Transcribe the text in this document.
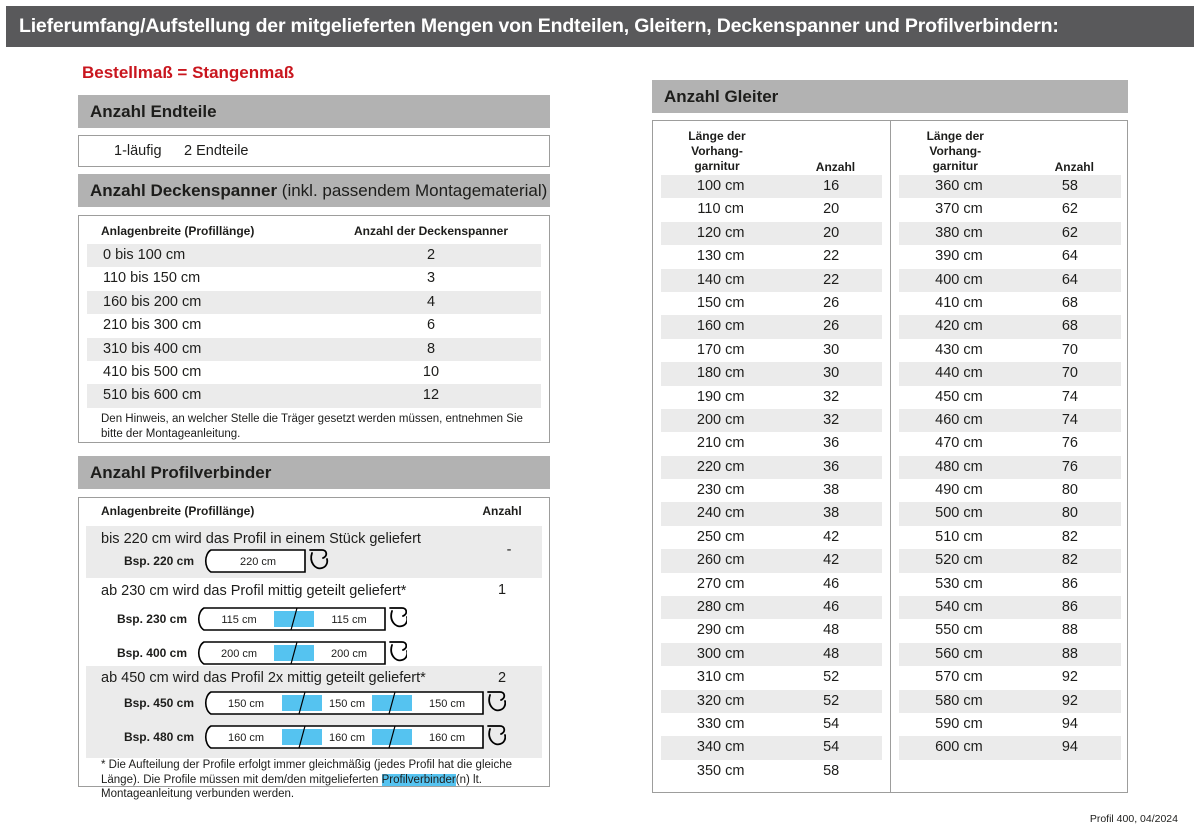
Lieferumfang/Aufstellung der mitgelieferten Mengen von Endteilen, Gleitern, Deckenspanner und Profilverbindern:
Bestellmaß = Stangenmaß
Anzahl Endteile
1-läufig 2 Endteile
Anzahl Deckenspanner (inkl. passendem Montagematerial)
Anlagenbreite (Profillänge)	Anzahl der Deckenspanner
0 bis 100 cm	2
110 bis 150 cm	3
160 bis 200 cm	4
210 bis 300 cm	6
310 bis 400 cm	8
410 bis 500 cm	10
510 bis 600 cm	12
Den Hinweis, an welcher Stelle die Träger gesetzt werden müssen, entnehmen Sie bitte der Montageanleitung.
Anzahl Profilverbinder
Anlagenbreite (Profillänge)	Anzahl
bis 220 cm wird das Profil in einem Stück geliefert
-
Bsp. 220 cm	220 cm
ab 230 cm wird das Profil mittig geteilt geliefert*	1
Bsp. 230 cm	115 cm	115 cm
Bsp. 400 cm	200 cm	200 cm
ab 450 cm wird das Profil 2x mittig geteilt geliefert*	2
Bsp. 450 cm	150 cm	150 cm	150 cm
Bsp. 480 cm	160 cm	160 cm	160 cm
* Die Aufteilung der Profile erfolgt immer gleichmäßig (jedes Profil hat die gleiche Länge). Die Profile müssen mit dem/den mitgelieferten Profilverbinder(n) lt. Montageanleitung verbunden werden.
Anzahl Gleiter
Länge der
Vorhang-
garnitur	Anzahl
100 cm	16
110 cm	20
120 cm	20
130 cm	22
140 cm	22
150 cm	26
160 cm	26
170 cm	30
180 cm	30
190 cm	32
200 cm	32
210 cm	36
220 cm	36
230 cm	38
240 cm	38
250 cm	42
260 cm	42
270 cm	46
280 cm	46
290 cm	48
300 cm	48
310 cm	52
320 cm	52
330 cm	54
340 cm	54
350 cm	58
Länge der
Vorhang-
garnitur	Anzahl
360 cm	58
370 cm	62
380 cm	62
390 cm	64
400 cm	64
410 cm	68
420 cm	68
430 cm	70
440 cm	70
450 cm	74
460 cm	74
470 cm	76
480 cm	76
490 cm	80
500 cm	80
510 cm	82
520 cm	82
530 cm	86
540 cm	86
550 cm	88
560 cm	88
570 cm	92
580 cm	92
590 cm	94
600 cm	94
Profil 400, 04/2024
